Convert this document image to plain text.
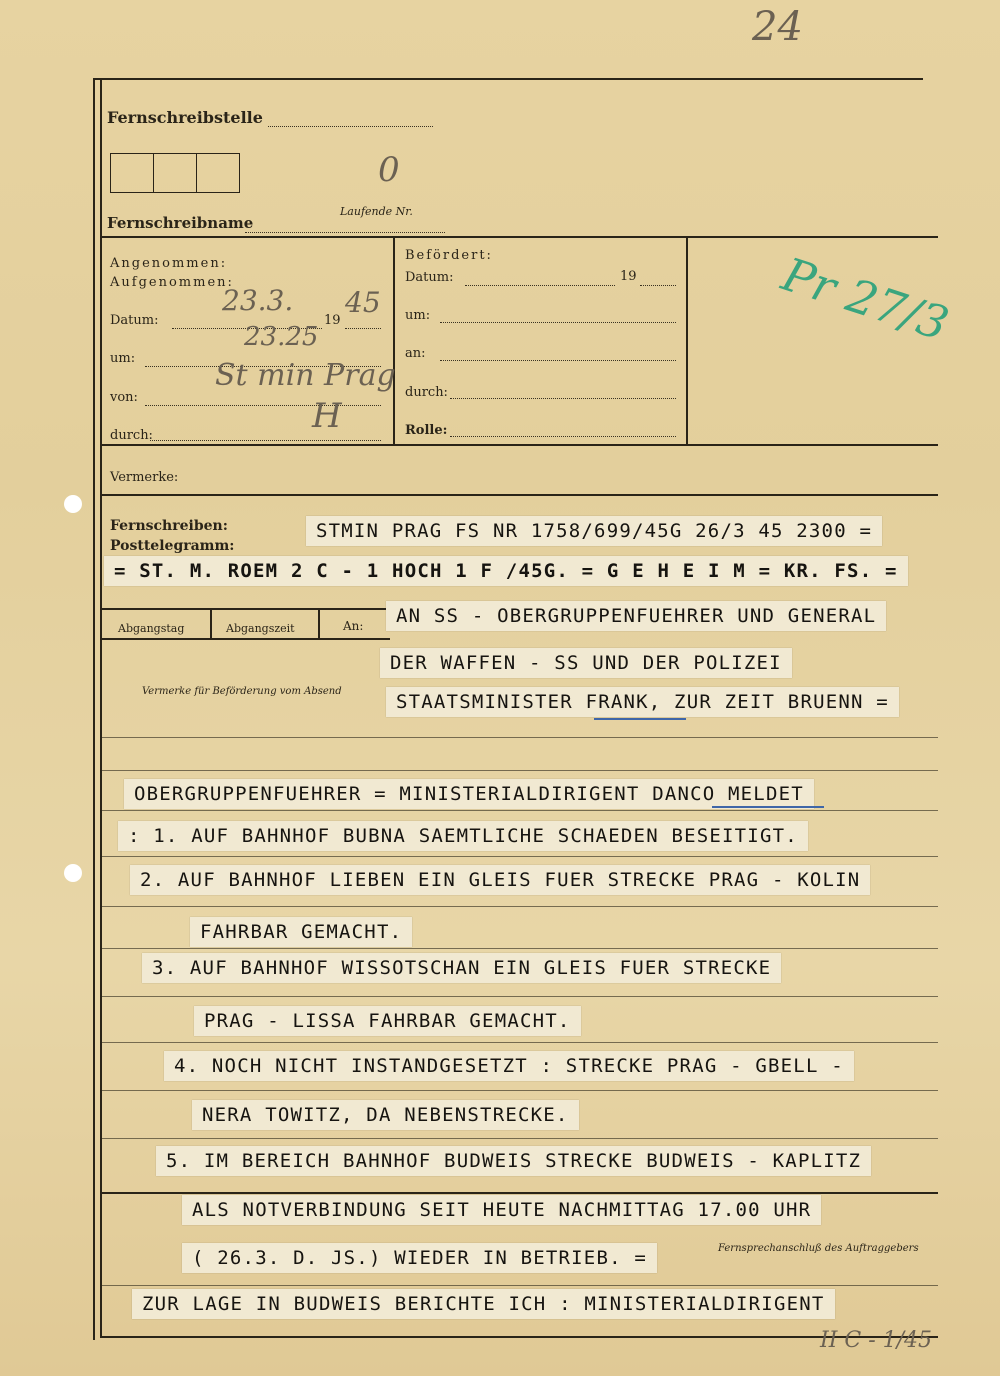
24
Fernschreibstelle
Fernschreibname
0
Laufende Nr.
Angenommen:
Aufgenommen:
Datum:	19
23.3. 45
um:
23.25
von:
St min Prag
durch:	H
Befördert:
Datum:	19
um:
an:
durch:
Rolle:
Pr 27/3
Vermerke:
Fernschreiben:
Posttelegramm:
Abgangstag	Abgangszeit	An:
Vermerke für Beförderung vom Absend
Fernsprechanschluß des Auftraggebers
STMIN PRAG FS NR 1758/699/45G 26/3 45 2300 =
= ST. M. ROEM 2 C - 1 HOCH 1 F /45G. = G E H E I M = KR. FS. =
AN SS - OBERGRUPPENFUEHRER UND GENERAL
DER WAFFEN - SS UND DER POLIZEI
STAATSMINISTER FRANK, ZUR ZEIT BRUENN =
OBERGRUPPENFUEHRER = MINISTERIALDIRIGENT DANCO MELDET
: 1. AUF BAHNHOF BUBNA SAEMTLICHE SCHAEDEN BESEITIGT.
2. AUF BAHNHOF LIEBEN EIN GLEIS FUER STRECKE PRAG - KOLIN
FAHRBAR GEMACHT.
3. AUF BAHNHOF WISSOTSCHAN EIN GLEIS FUER STRECKE
PRAG - LISSA FAHRBAR GEMACHT.
4. NOCH NICHT INSTANDGESETZT : STRECKE PRAG - GBELL -
NERA TOWITZ, DA NEBENSTRECKE.
5. IM BEREICH BAHNHOF BUDWEIS STRECKE BUDWEIS - KAPLITZ
ALS NOTVERBINDUNG SEIT HEUTE NACHMITTAG 17.00 UHR
( 26.3. D. JS.) WIEDER IN BETRIEB. =
ZUR LAGE IN BUDWEIS BERICHTE ICH : MINISTERIALDIRIGENT
II C - 1/45
